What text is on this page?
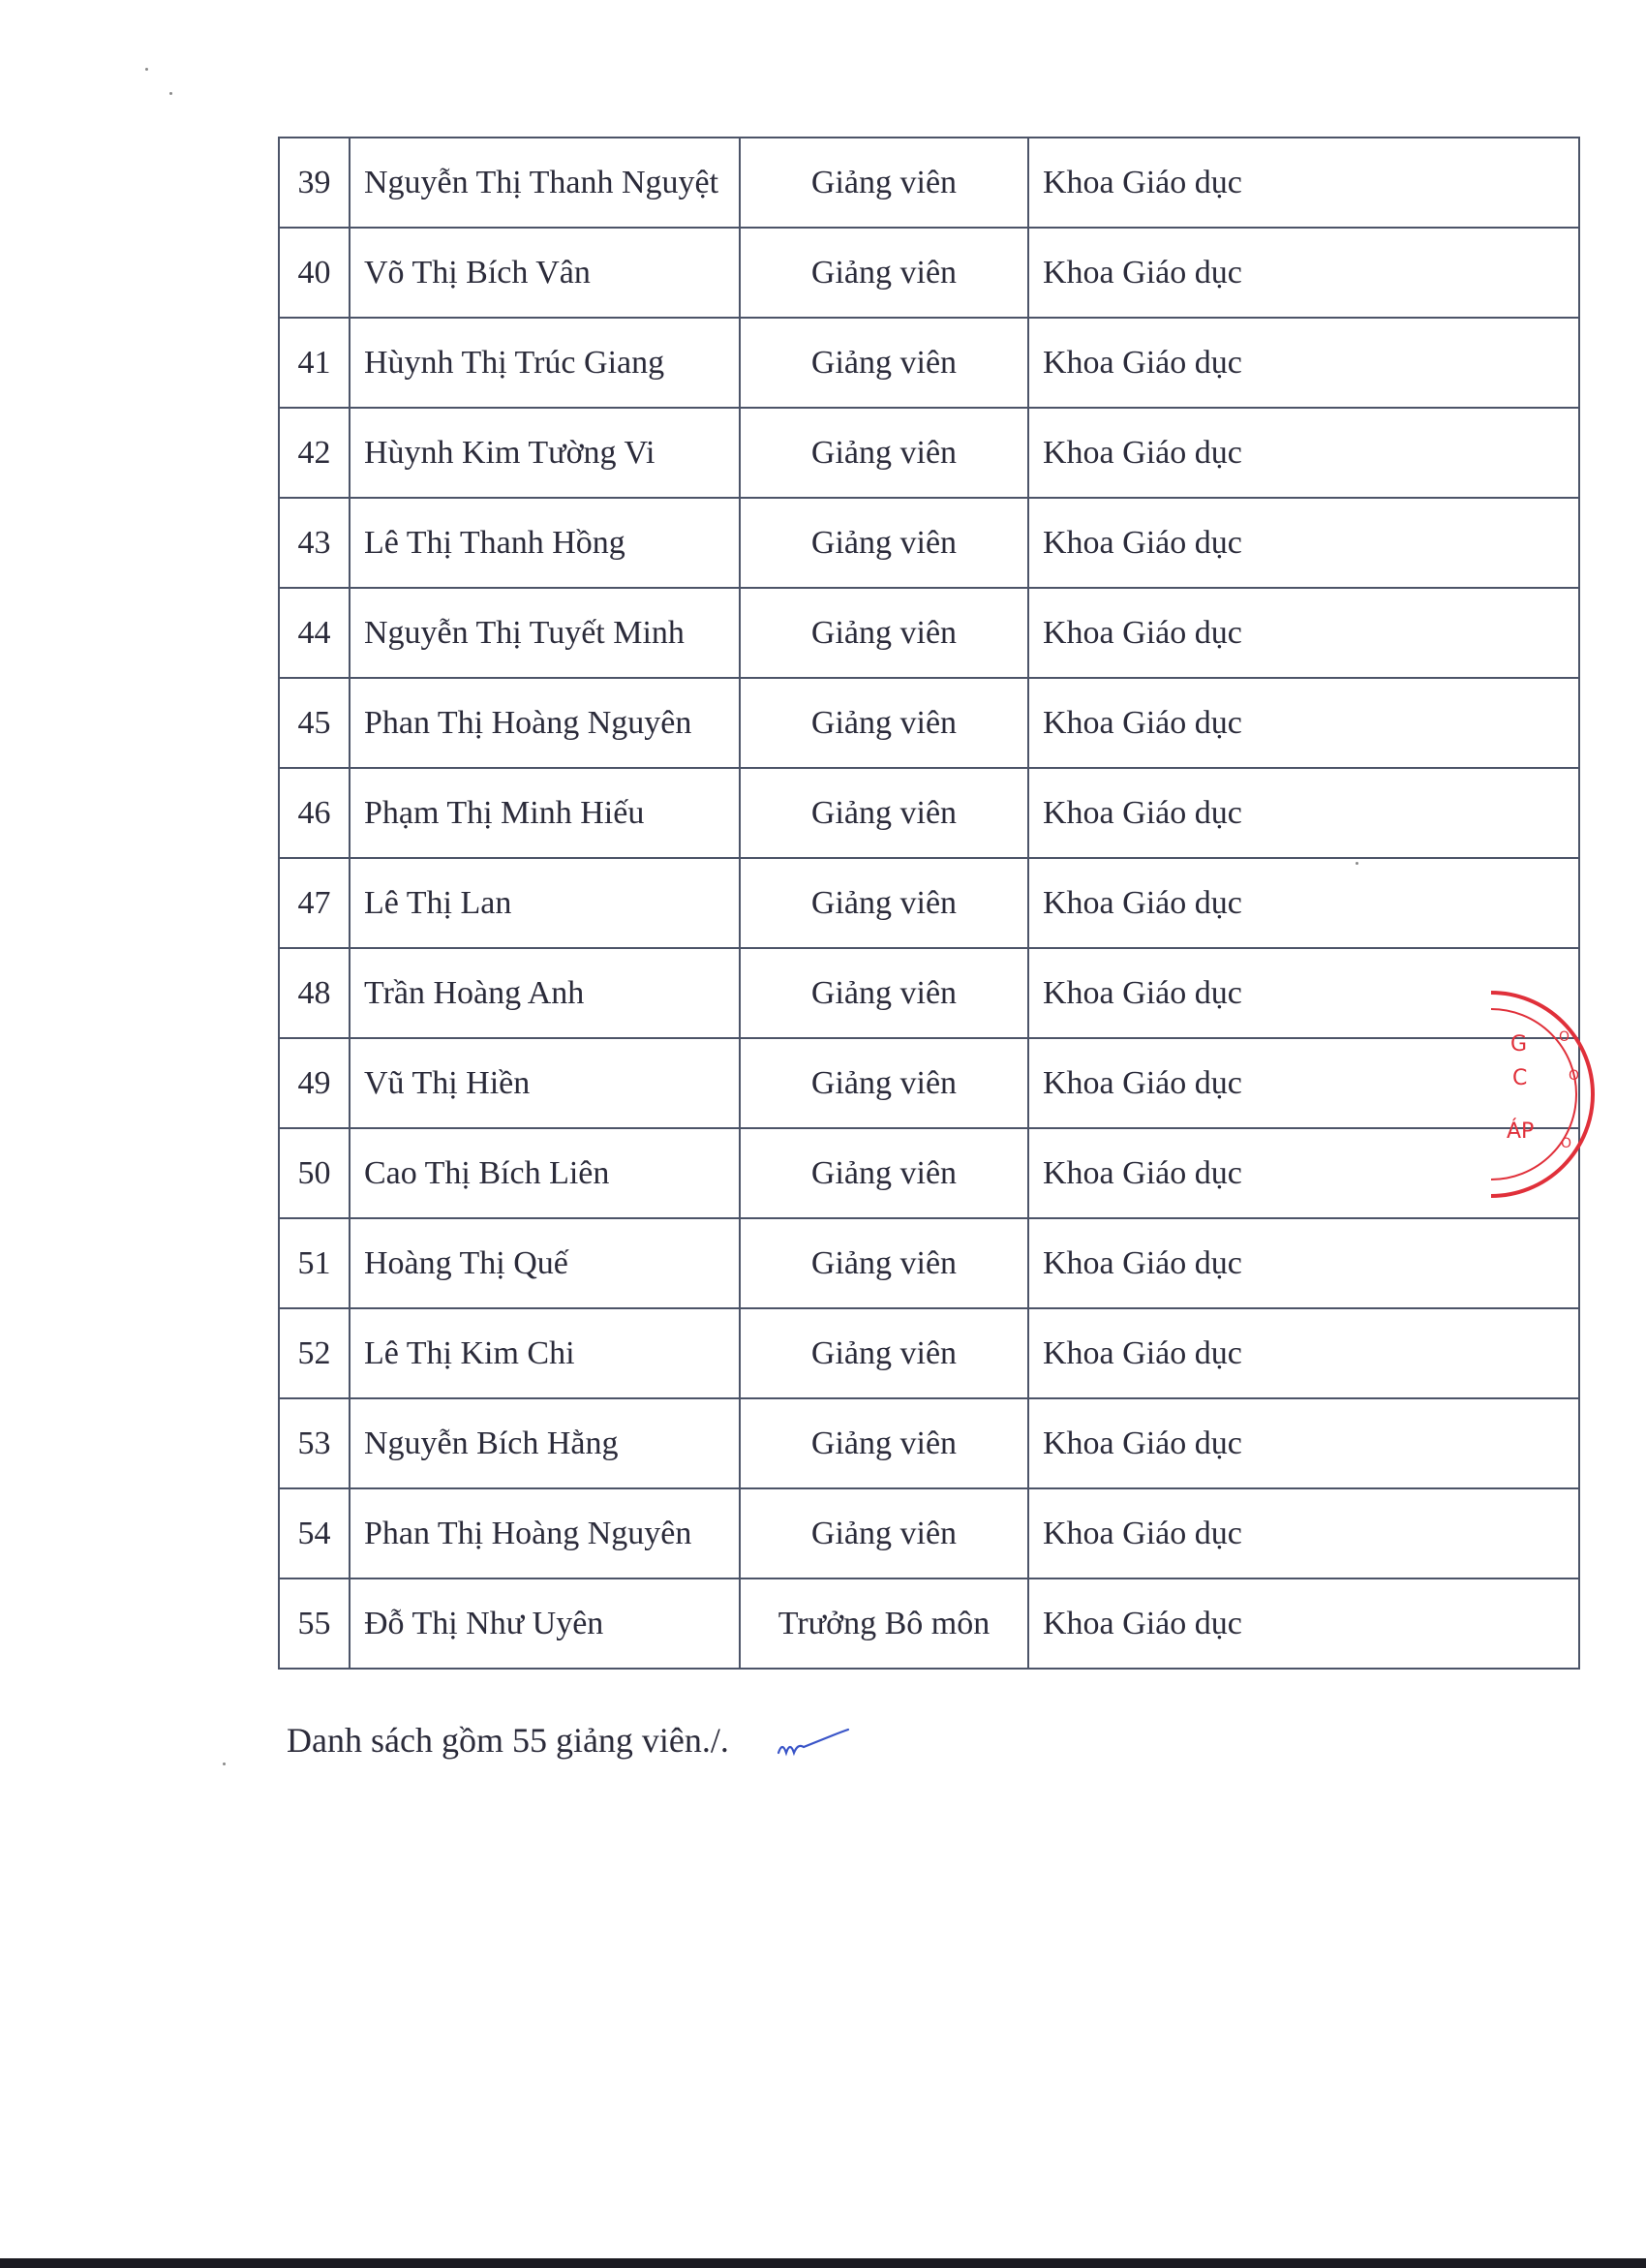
39	Nguyễn Thị Thanh Nguyệt	Giảng viên	Khoa Giáo dục
40	Võ Thị Bích Vân	Giảng viên	Khoa Giáo dục
41	Hùynh Thị Trúc Giang	Giảng viên	Khoa Giáo dục
42	Hùynh Kim Tường Vi	Giảng viên	Khoa Giáo dục
43	Lê Thị Thanh Hồng	Giảng viên	Khoa Giáo dục
44	Nguyễn Thị Tuyết Minh	Giảng viên	Khoa Giáo dục
45	Phan Thị Hoàng Nguyên	Giảng viên	Khoa Giáo dục
46	Phạm Thị Minh Hiếu	Giảng viên	Khoa Giáo dục
47	Lê Thị Lan	Giảng viên	Khoa Giáo dục
48	Trần Hoàng Anh	Giảng viên	Khoa Giáo dục
49	Vũ Thị Hiền	Giảng viên	Khoa Giáo dục
50	Cao Thị Bích Liên	Giảng viên	Khoa Giáo dục
51	Hoàng Thị Quế	Giảng viên	Khoa Giáo dục
52	Lê Thị Kim Chi	Giảng viên	Khoa Giáo dục
53	Nguyễn Bích Hằng	Giảng viên	Khoa Giáo dục
54	Phan Thị Hoàng Nguyên	Giảng viên	Khoa Giáo dục
55	Đỗ Thị Như Uyên	Trưởng Bô môn	Khoa Giáo dục
Danh sách gồm 55 giảng viên./.
G
C
ÁP
O
O
O
